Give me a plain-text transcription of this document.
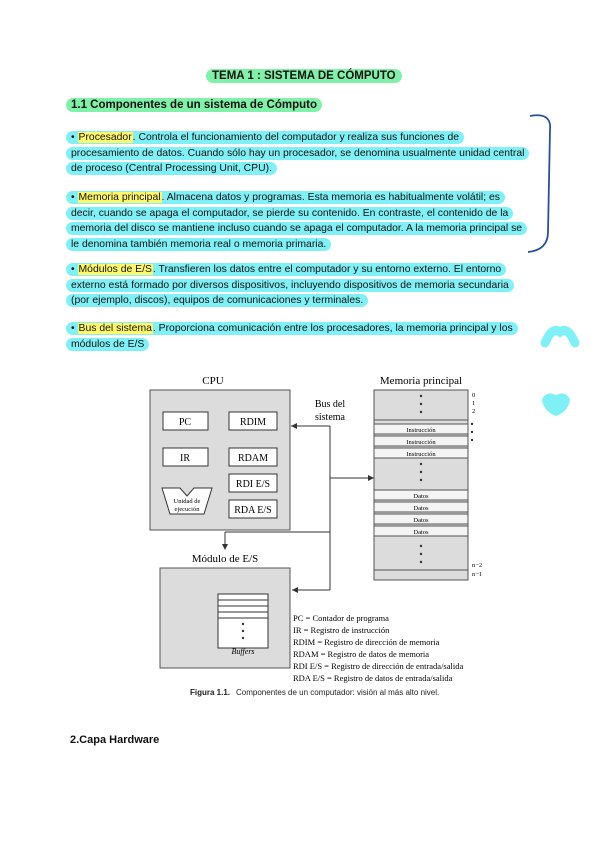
TEMA 1 : SISTEMA DE CÓMPUTO
1.1 Componentes de un sistema de Cómputo
• Procesador. Controla el funcionamiento del computador y realiza sus funciones de procesamiento de datos. Cuando sólo hay un procesador, se denomina usualmente unidad central de proceso (Central Processing Unit, CPU).
• Memoria principal. Almacena datos y programas. Esta memoria es habitualmente volátil; es decir, cuando se apaga el computador, se pierde su contenido. En contraste, el contenido de la memoria del disco se mantiene incluso cuando se apaga el computador. A la memoria principal se le denomina también memoria real o memoria primaria.
• Módulos de E/S. Transfieren los datos entre el computador y su entorno externo. El entorno externo está formado por diversos dispositivos, incluyendo dispositivos de memoria secundaria (por ejemplo, discos), equipos de comunicaciones y terminales.
• Bus del sistema. Proporciona comunicación entre los procesadores, la memoria principal y los módulos de E/S
CPU
PC	RDIM
IR	RDAM
RDI E/S
RDA E/S
Unidad de
ejecución
Bus del
sistema
Memoria principal
Instrucción
Instrucción
Instrucción
Datos
Datos
Datos
Datos
0
1
2
n−2
n−1
Módulo de E/S
Buffers
PC = Contador de programa
IR = Registro de instrucción
RDIM = Registro de dirección de memoria
RDAM = Registro de datos de memoria
RDI E/S = Registro de dirección de entrada/salida
RDA E/S = Registro de datos de entrada/salida
Figura 1.1. Componentes de un computador: visión al más alto nivel.
2.Capa Hardware
